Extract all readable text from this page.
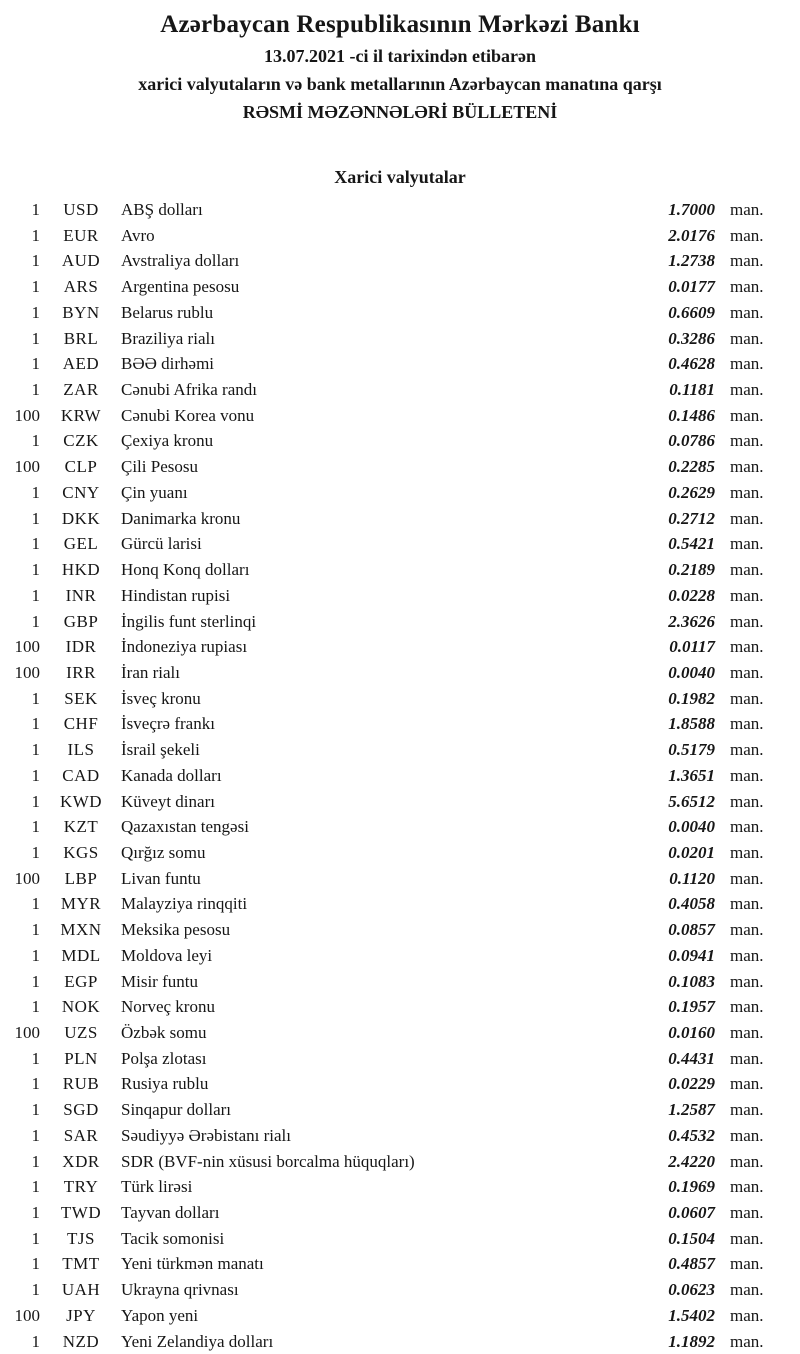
Azərbaycan Respublikasının Mərkəzi Bankı
13.07.2021 -ci il tarixindən etibarən
xarici valyutaların və bank metallarının Azərbaycan manatına qarşı
RƏSMİ MƏZƏNNƏLƏRİ BÜLLETENİ
Xarici valyutalar
1	USD	ABŞ dolları	1.7000 man.
1	EUR	Avro	2.0176 man.
1	AUD	Avstraliya dolları	1.2738 man.
1	ARS	Argentina pesosu	0.0177 man.
1	BYN	Belarus rublu	0.6609 man.
1	BRL	Braziliya rialı	0.3286 man.
1	AED	BƏƏ dirhəmi	0.4628 man.
1	ZAR	Cənubi Afrika randı	0.1181 man.
100	KRW	Cənubi Korea vonu	0.1486 man.
1	CZK	Çexiya kronu	0.0786 man.
100	CLP	Çili Pesosu	0.2285 man.
1	CNY	Çin yuanı	0.2629 man.
1	DKK	Danimarka kronu	0.2712 man.
1	GEL	Gürcü larisi	0.5421 man.
1	HKD	Honq Konq dolları	0.2189 man.
1	INR	Hindistan rupisi	0.0228 man.
1	GBP	İngilis funt sterlinqi	2.3626 man.
100	IDR	İndoneziya rupiası	0.0117 man.
100	IRR	İran rialı	0.0040 man.
1	SEK	İsveç kronu	0.1982 man.
1	CHF	İsveçrə frankı	1.8588 man.
1	ILS	İsrail şekeli	0.5179 man.
1	CAD	Kanada dolları	1.3651 man.
1	KWD	Küveyt dinarı	5.6512 man.
1	KZT	Qazaxıstan tengəsi	0.0040 man.
1	KGS	Qırğız somu	0.0201 man.
100	LBP	Livan funtu	0.1120 man.
1	MYR	Malayziya rinqqiti	0.4058 man.
1	MXN	Meksika pesosu	0.0857 man.
1	MDL	Moldova leyi	0.0941 man.
1	EGP	Misir funtu	0.1083 man.
1	NOK	Norveç kronu	0.1957 man.
100	UZS	Özbək somu	0.0160 man.
1	PLN	Polşa zlotası	0.4431 man.
1	RUB	Rusiya rublu	0.0229 man.
1	SGD	Sinqapur dolları	1.2587 man.
1	SAR	Səudiyyə Ərəbistanı rialı	0.4532 man.
1	XDR	SDR (BVF-nin xüsusi borcalma hüquqları)	2.4220 man.
1	TRY	Türk lirəsi	0.1969 man.
1	TWD	Tayvan dolları	0.0607 man.
1	TJS	Tacik somonisi	0.1504 man.
1	TMT	Yeni türkmən manatı	0.4857 man.
1	UAH	Ukrayna qrivnası	0.0623 man.
100	JPY	Yapon yeni	1.5402 man.
1	NZD	Yeni Zelandiya dolları	1.1892 man.
